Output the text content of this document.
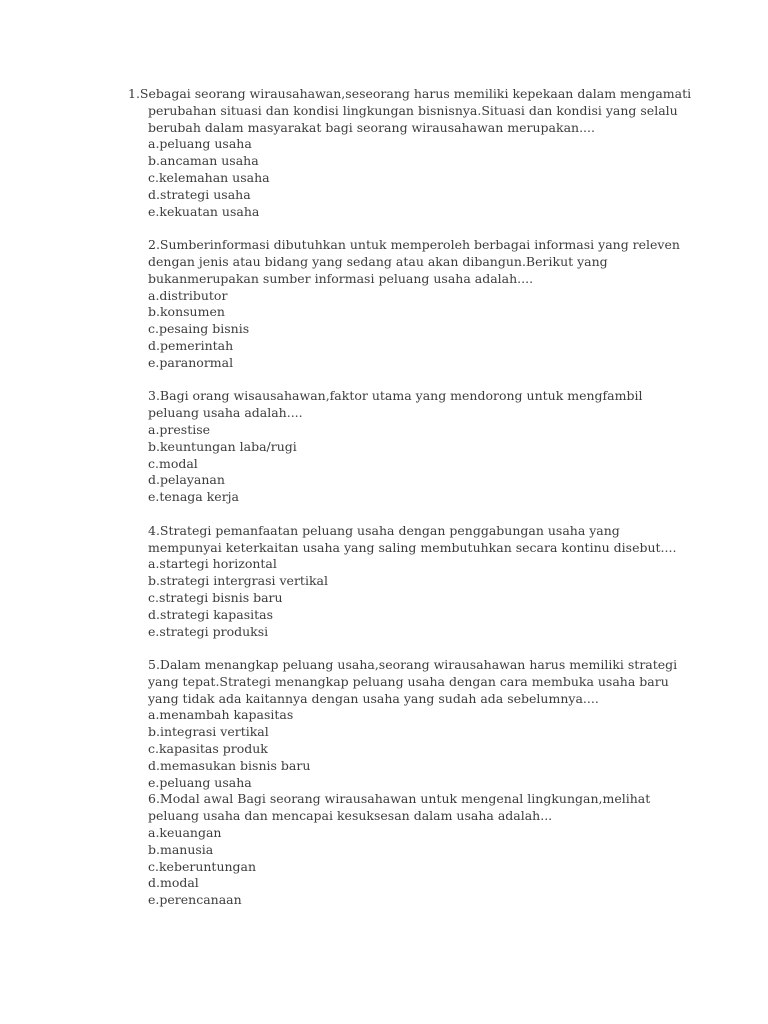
1.Sebagai seorang wirausahawan,seseorang harus memiliki kepekaan dalam mengamati
perubahan situasi dan kondisi lingkungan bisnisnya.Situasi dan kondisi yang selalu
berubah dalam masyarakat bagi seorang wirausahawan merupakan....
a.peluang usaha
b.ancaman usaha
c.kelemahan usaha
d.strategi usaha
e.kekuatan usaha
2.Sumberinformasi dibutuhkan untuk memperoleh berbagai informasi yang releven
dengan jenis atau bidang yang sedang atau akan dibangun.Berikut yang
bukanmerupakan sumber informasi peluang usaha adalah....
a.distributor
b.konsumen
c.pesaing bisnis
d.pemerintah
e.paranormal
3.Bagi orang wisausahawan,faktor utama yang mendorong untuk mengfambil
peluang usaha adalah....
a.prestise
b.keuntungan laba/rugi
c.modal
d.pelayanan
e.tenaga kerja
4.Strategi pemanfaatan peluang usaha dengan penggabungan usaha yang
mempunyai keterkaitan usaha yang saling membutuhkan secara kontinu disebut....
a.startegi horizontal
b.strategi intergrasi vertikal
c.strategi bisnis baru
d.strategi kapasitas
e.strategi produksi
5.Dalam menangkap peluang usaha,seorang wirausahawan harus memiliki strategi
yang tepat.Strategi menangkap peluang usaha dengan cara membuka usaha baru
yang tidak ada kaitannya dengan usaha yang sudah ada sebelumnya....
a.menambah kapasitas
b.integrasi vertikal
c.kapasitas produk
d.memasukan bisnis baru
e.peluang usaha
6.Modal awal Bagi seorang wirausahawan untuk mengenal lingkungan,melihat
peluang usaha dan mencapai kesuksesan dalam usaha adalah...
a.keuangan
b.manusia
c.keberuntungan
d.modal
e.perencanaan
